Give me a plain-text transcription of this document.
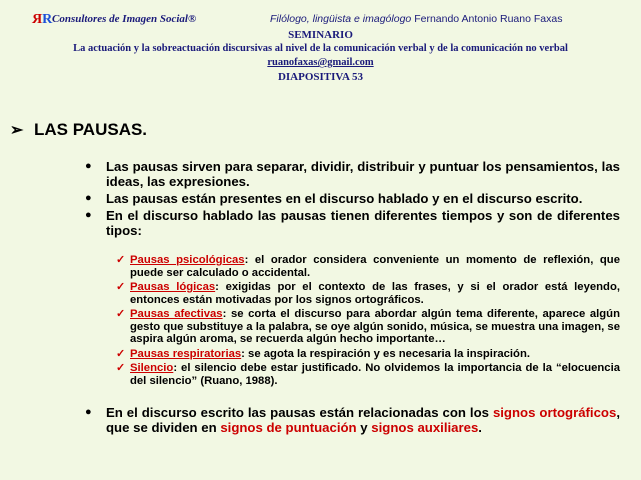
RR Consultores de Imagen Social®	Filólogo, lingüista e imagólogo Fernando Antonio Ruano Faxas
SEMINARIO
La actuación y la sobreactuación discursivas al nivel de la comunicación verbal y de la comunicación no verbal
ruanofaxas@gmail.com
DIAPOSITIVA 53
➢ LAS PAUSAS.
● Las pausas sirven para separar, dividir, distribuir y puntuar los pensamientos, las ideas, las expresiones.
● Las pausas están presentes en el discurso hablado y en el discurso escrito.
● En el discurso hablado las pausas tienen diferentes tiempos y son de diferentes tipos:
✓ Pausas psicológicas: el orador considera conveniente un momento de reflexión, que puede ser calculado o accidental.
✓ Pausas lógicas: exigidas por el contexto de las frases, y si el orador está leyendo, entonces están motivadas por los signos ortográficos.
✓ Pausas afectivas: se corta el discurso para abordar algún tema diferente, aparece algún gesto que substituye a la palabra, se oye algún sonido, música, se muestra una imagen, se aspira algún aroma, se recuerda algún hecho importante…
✓ Pausas respiratorias: se agota la respiración y es necesaria la inspiración.
✓ Silencio: el silencio debe estar justificado. No olvidemos la importancia de la “elocuencia del silencio” (Ruano, 1988).
● En el discurso escrito las pausas están relacionadas con los signos ortográficos, que se dividen en signos de puntuación y signos auxiliares.
